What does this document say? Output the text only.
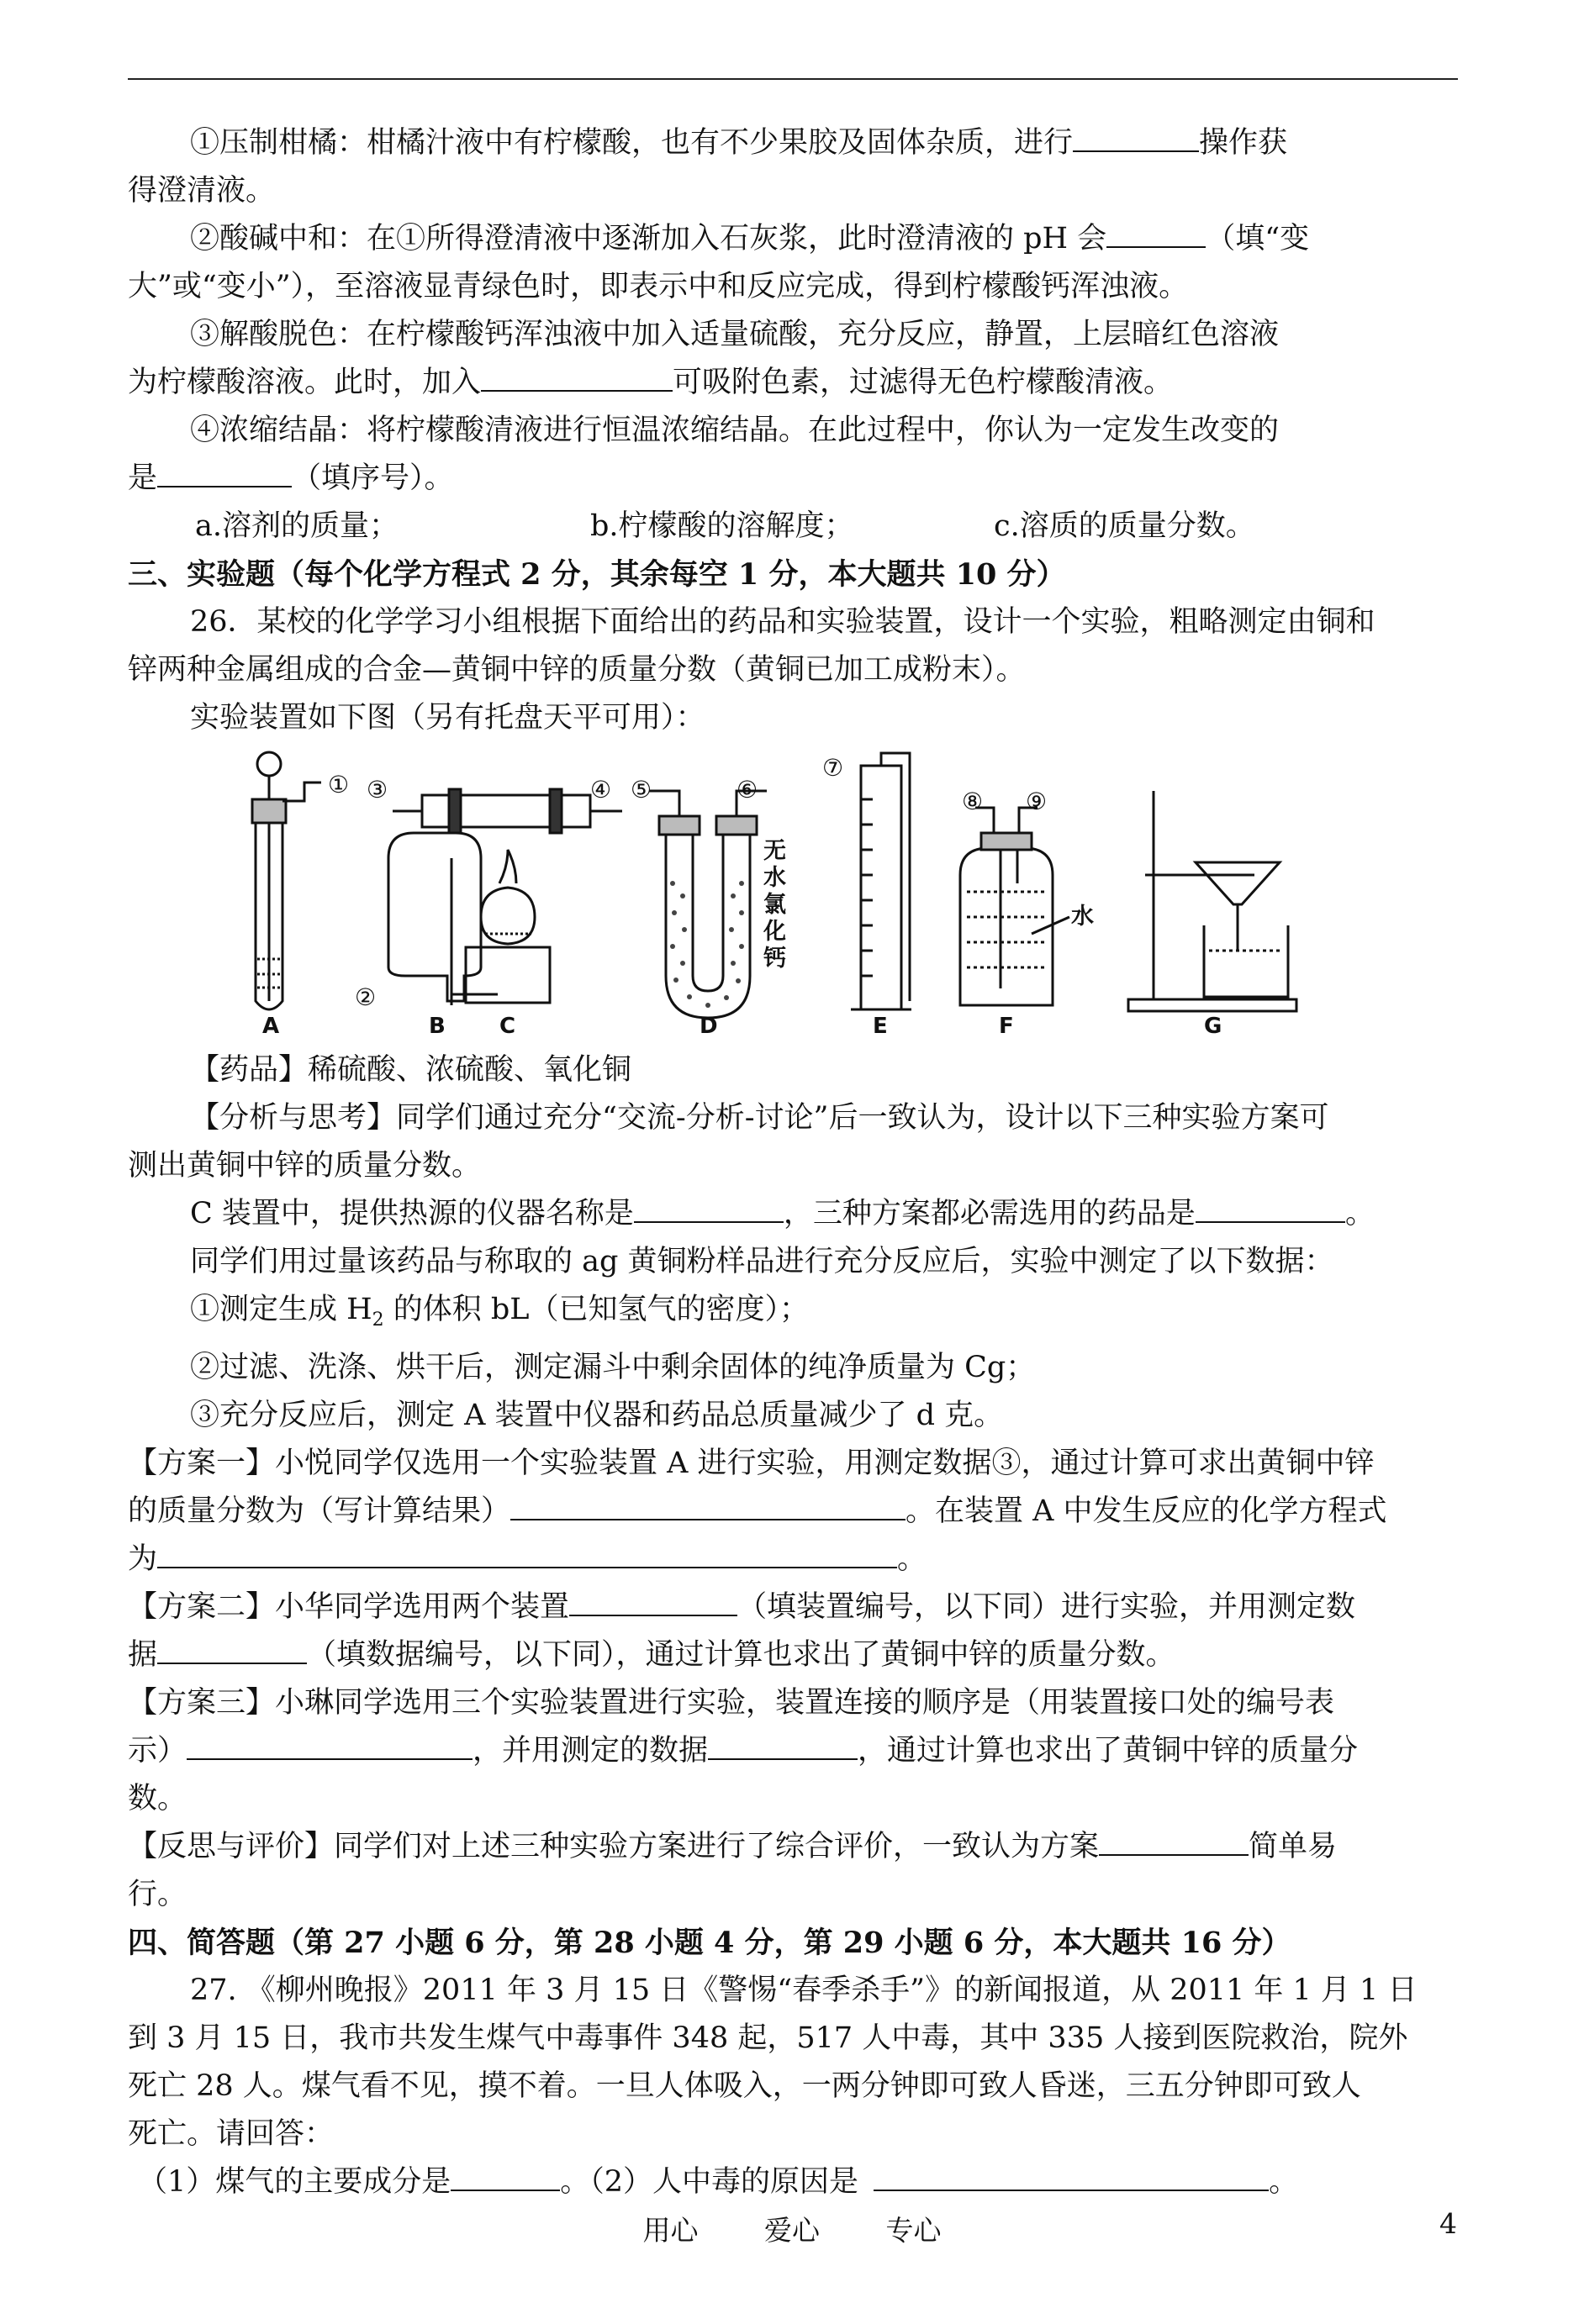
①压制柑橘：柑橘汁液中有柠檬酸，也有不少果胶及固体杂质，进行	操作获

得澄清液。

②酸碱中和：在①所得澄清液中逐渐加入石灰浆，此时澄清液的 pH 会	（填“变

大”或“变小”），至溶液显青绿色时，即表示中和反应完成，得到柠檬酸钙浑浊液。

③解酸脱色：在柠檬酸钙浑浊液中加入适量硫酸，充分反应，静置，上层暗红色溶液

为柠檬酸溶液。此时，加入	可吸附色素，过滤得无色柠檬酸清液。

④浓缩结晶：将柠檬酸清液进行恒温浓缩结晶。在此过程中，你认为一定发生改变的

是	（填序号）。

a.溶剂的质量；	b.柠檬酸的溶解度；	c.溶质的质量分数。

三、实验题（每个化学方程式 2 分，其余每空 1 分，本大题共 10 分）

26．某校的化学学习小组根据下面给出的药品和实验装置，设计一个实验，粗略测定由铜和

锌两种金属组成的合金—黄铜中锌的质量分数（黄铜已加工成粉末）。

实验装置如下图（另有托盘天平可用）：

①
②
③	④ ⑤	⑥
⑦
⑧ ⑨
无
水
氯
化
钙
水
A	B C	D	E	F	G

【药品】稀硫酸、浓硫酸、氧化铜

【分析与思考】同学们通过充分“交流-分析-讨论”后一致认为，设计以下三种实验方案可

测出黄铜中锌的质量分数。

C 装置中，提供热源的仪器名称是	，三种方案都必需选用的药品是	。

同学们用过量该药品与称取的 ag 黄铜粉样品进行充分反应后，实验中测定了以下数据：

①测定生成 $H_2$ 的体积 bL（已知氢气的密度）；

②过滤、洗涤、烘干后，测定漏斗中剩余固体的纯净质量为 Cg；

③充分反应后，测定 A 装置中仪器和药品总质量减少了 d 克。

【方案一】小悦同学仅选用一个实验装置 A 进行实验，用测定数据③，通过计算可求出黄铜中锌

的质量分数为（写计算结果）	。在装置 A 中发生反应的化学方程式

为	。

【方案二】小华同学选用两个装置	（填装置编号，以下同）进行实验，并用测定数

据	（填数据编号，以下同），通过计算也求出了黄铜中锌的质量分数。

【方案三】小琳同学选用三个实验装置进行实验，装置连接的顺序是（用装置接口处的编号表

示）	，并用测定的数据	，通过计算也求出了黄铜中锌的质量分

数。

【反思与评价】同学们对上述三种实验方案进行了综合评价，一致认为方案	简单易

行。

四、简答题（第 27 小题 6 分，第 28 小题 4 分，第 29 小题 6 分，本大题共 16 分）

27. 《柳州晚报》2011 年 3 月 15 日《警惕“春季杀手”》的新闻报道，从 2011 年 1 月 1 日

到 3 月 15 日，我市共发生煤气中毒事件 348 起，517 人中毒，其中 335 人接到医院救治，院外

死亡 28 人。煤气看不见，摸不着。一旦人体吸入，一两分钟即可致人昏迷，三五分钟即可致人

死亡。请回答：

（1）煤气的主要成分是	。（2）人中毒的原因是	。

用心 爱心 专心	4
